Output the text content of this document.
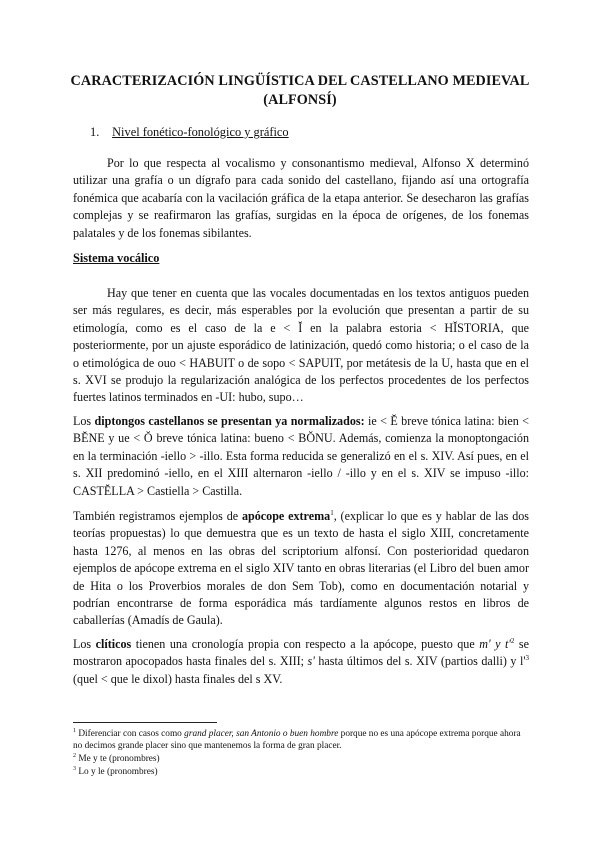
CARACTERIZACIÓN LINGÜÍSTICA DEL CASTELLANO MEDIEVAL
(ALFONSÍ)
1. Nivel fonético-fonológico y gráfico
Por lo que respecta al vocalismo y consonantismo medieval, Alfonso X determinó utilizar una grafía o un dígrafo para cada sonido del castellano, fijando así una ortografía fonémica que acabaría con la vacilación gráfica de la etapa anterior. Se desecharon las grafías complejas y se reafirmaron las grafías, surgidas en la época de orígenes, de los fonemas palatales y de los fonemas sibilantes.
Sistema vocálico
Hay que tener en cuenta que las vocales documentadas en los textos antiguos pueden ser más regulares, es decir, más esperables por la evolución que presentan a partir de su etimología, como es el caso de la e < Ĭ en la palabra estoria < HĬSTORIA, que posteriormente, por un ajuste esporádico de latinización, quedó como historia; o el caso de la o etimológica de ouo < HABUIT o de sopo < SAPUIT, por metátesis de la U, hasta que en el s. XVI se produjo la regularización analógica de los perfectos procedentes de los perfectos fuertes latinos terminados en -UI: hubo, supo…
Los diptongos castellanos se presentan ya normalizados: ie < Ĕ breve tónica latina: bien < BĔNE y ue < Ŏ breve tónica latina: bueno < BŎNU. Además, comienza la monoptongación en la terminación -iello > -illo. Esta forma reducida se generalizó en el s. XIV. Así pues, en el s. XII predominó -iello, en el XIII alternaron -iello / -illo y en el s. XIV se impuso -illo: CASTĔLLA > Castiella > Castilla.
También registramos ejemplos de apócope extrema$^1$, (explicar lo que es y hablar de las dos teorías propuestas) lo que demuestra que es un texto de hasta el siglo XIII, concretamente hasta 1276, al menos en las obras del scriptorium alfonsí. Con posterioridad quedaron ejemplos de apócope extrema en el siglo XIV tanto en obras literarias (el Libro del buen amor de Hita o los Proverbios morales de don Sem Tob), como en documentación notarial y podrían encontrarse de forma esporádica más tardíamente algunos restos en libros de caballerías (Amadís de Gaula).
Los clíticos tienen una cronología propia con respecto a la apócope, puesto que m' y $t'^2$ se mostraron apocopados hasta finales del s. XIII; s' hasta últimos del s. XIV (partios dalli) y $l'^3$ (quel < que le dixol) hasta finales del s XV.
$^1$ Diferenciar con casos como grand placer, san Antonio o buen hombre porque no es una apócope extrema porque ahora no decimos grande placer sino que mantenemos la forma de gran placer.
$^2$ Me y te (pronombres)
$^3$ Lo y le (pronombres)
